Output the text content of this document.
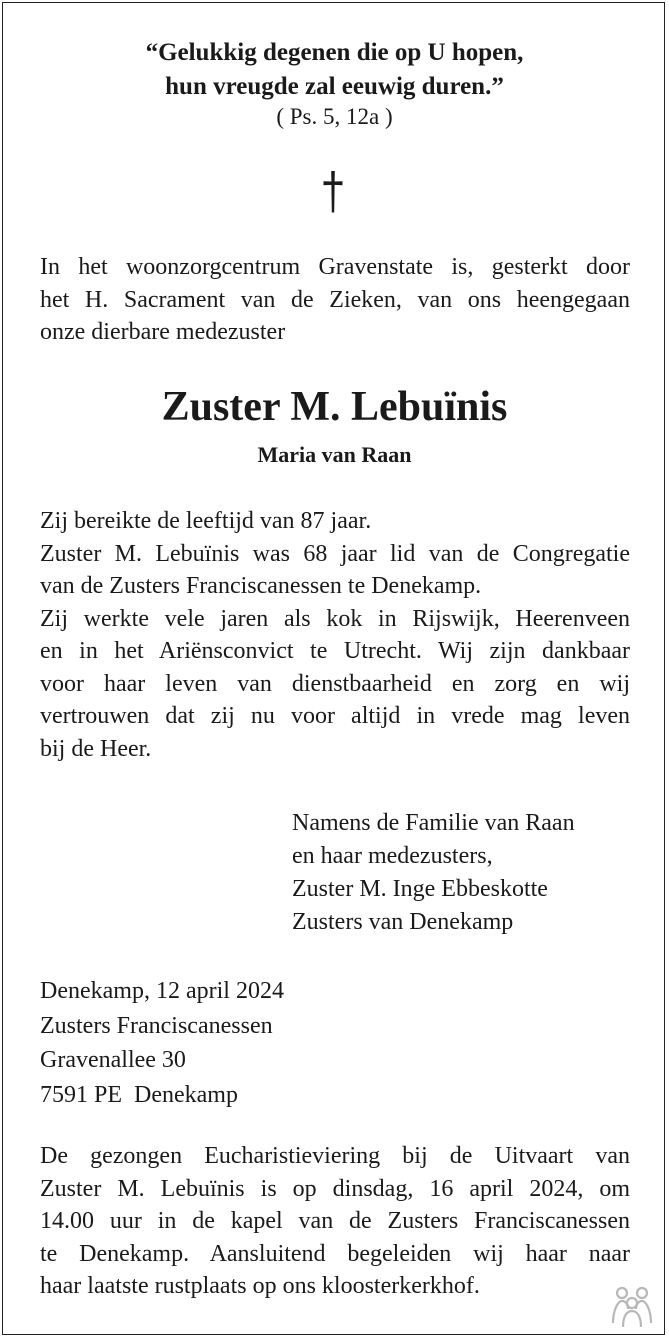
“Gelukkig degenen die op U hopen,
hun vreugde zal eeuwig duren.”
( Ps. 5, 12a )
In het woonzorgcentrum Gravenstate is, gesterkt door
het H. Sacrament van de Zieken, van ons heengegaan
onze dierbare medezuster
Zuster M. Lebuïnis
Maria van Raan
Zij bereikte de leeftijd van 87 jaar.
Zuster M. Lebuïnis was 68 jaar lid van de Congregatie
van de Zusters Franciscanessen te Denekamp.
Zij werkte vele jaren als kok in Rijswijk, Heerenveen
en in het Ariënsconvict te Utrecht. Wij zijn dankbaar
voor haar leven van dienstbaarheid en zorg en wij
vertrouwen dat zij nu voor altijd in vrede mag leven
bij de Heer.
Namens de Familie van Raan
en haar medezusters,
Zuster M. Inge Ebbeskotte
Zusters van Denekamp
Denekamp, 12 april 2024
Zusters Franciscanessen
Gravenallee 30
7591 PE  Denekamp
De gezongen Eucharistieviering bij de Uitvaart van
Zuster M. Lebuïnis is op dinsdag, 16 april 2024, om
14.00 uur in de kapel van de Zusters Franciscanessen
te Denekamp. Aansluitend begeleiden wij haar naar
haar laatste rustplaats op ons kloosterkerkhof.
